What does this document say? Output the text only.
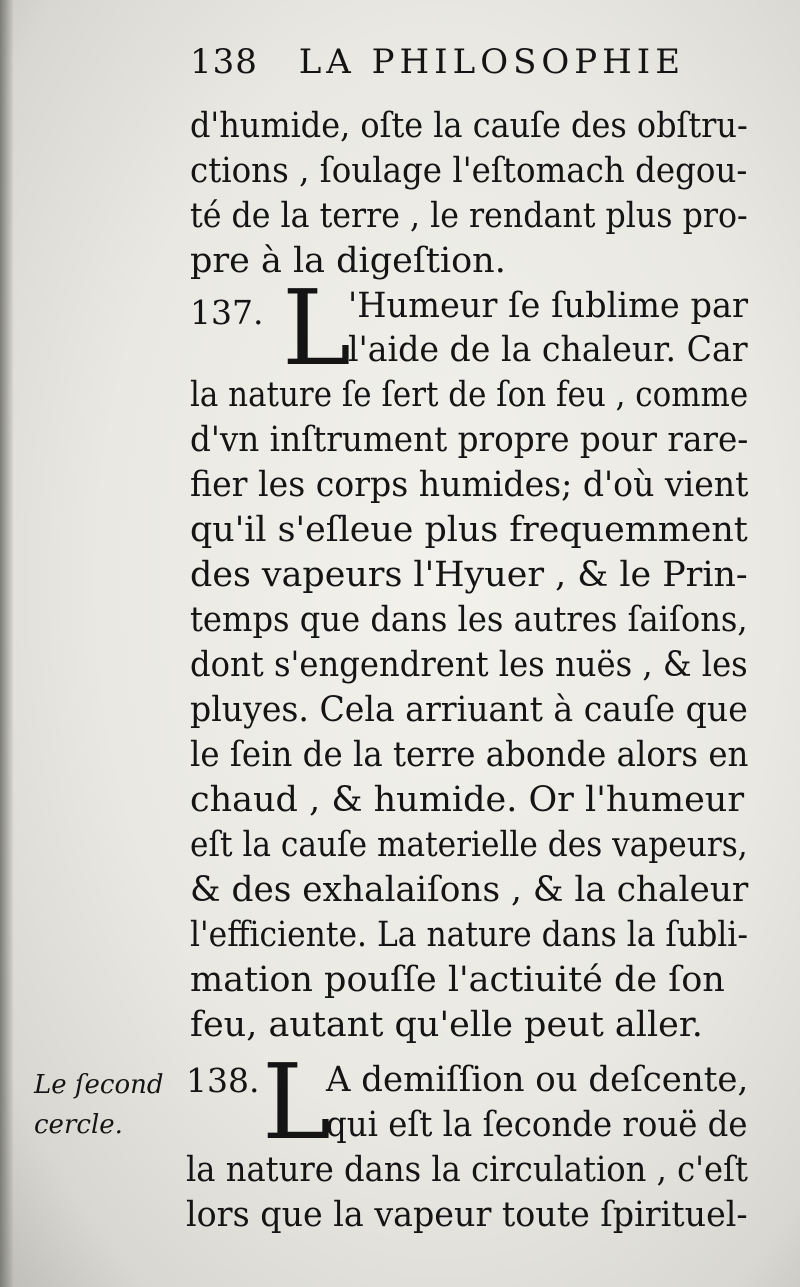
138 LA PHILOSOPHIE
d'humide, oſte la cauſe des obſtru-
ctions , ſoulage l'eſtomach degou-
té de la terre , le rendant plus pro-
pre à la digeſtion.
137. L
'Humeur ſe ſublime par
l'aide de la chaleur. Car
la nature ſe ſert de ſon feu , comme
d'vn inſtrument propre pour rare-
fier les corps humides; d'où vient
qu'il s'eſleue plus frequemment
des vapeurs l'Hyuer , & le Prin-
temps que dans les autres ſaiſons,
dont s'engendrent les nuës , & les
pluyes. Cela arriuant à cauſe que
le ſein de la terre abonde alors en
chaud , & humide. Or l'humeur
eſt la cauſe materielle des vapeurs,
& des exhalaiſons , & la chaleur
l'efficiente. La nature dans la ſubli-
mation pouſſe l'actiuité de ſon
feu, autant qu'elle peut aller.
Le ſecond
cercle.
138. L
A demiſſion ou deſcente,
qui eſt la ſeconde rouë de
la nature dans la circulation , c'eſt
lors que la vapeur toute ſpirituel-
